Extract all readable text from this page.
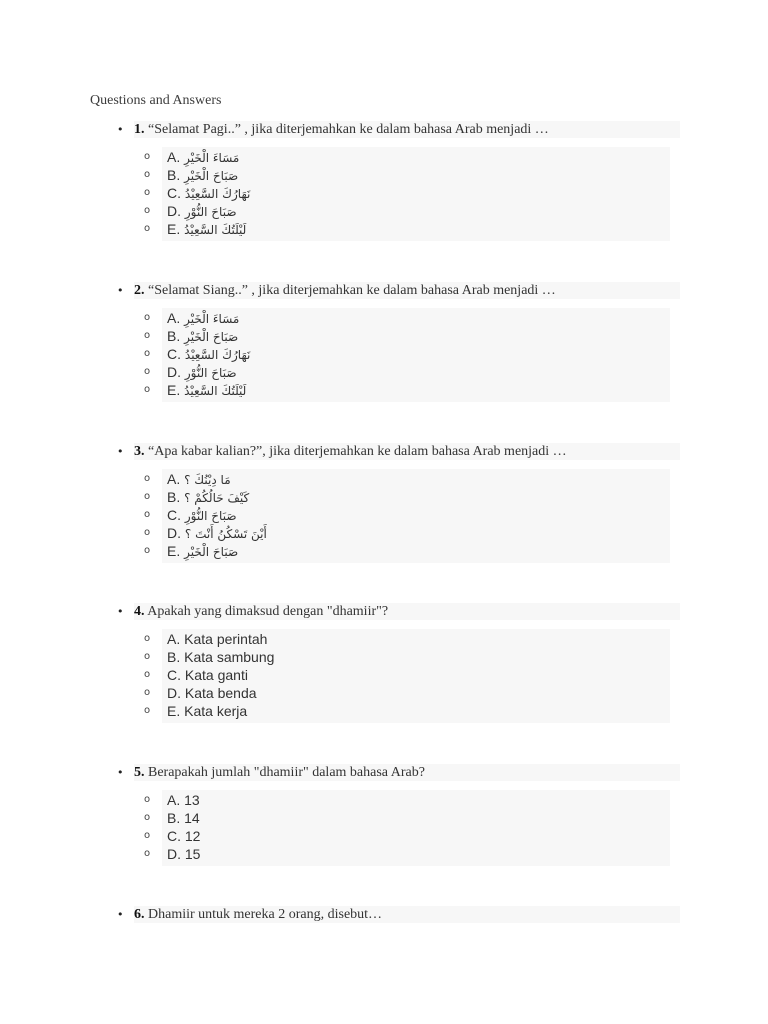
Questions and Answers
• 1. “Selamat Pagi..” , jika diterjemahkan ke dalam bahasa Arab menjadi …
o A. مَسَاءَ الْخَيْرِ
o B. صَبَاحَ الْخَيْرِ
o C. نَهَارُكَ السَّعِيْدُ
o D. صَبَاحَ النُّوْرِ
o E. لَيْلَتُكَ السَّعِيْدُ
• 2. “Selamat Siang..” , jika diterjemahkan ke dalam bahasa Arab menjadi …
o A. مَسَاءَ الْخَيْرِ
o B. صَبَاحَ الْخَيْرِ
o C. نَهَارُكَ السَّعِيْدُ
o D. صَبَاحَ النُّوْرِ
o E. لَيْلَتُكَ السَّعِيْدُ
• 3. “Apa kabar kalian?”, jika diterjemahkan ke dalam bahasa Arab menjadi …
o A. مَا دِيْنُكَ ؟
o B. كَيْفَ حَالُكُمْ ؟
o C. صَبَاحَ النُّوْرِ
o D. أَيْنَ تَسْكُنُ أَنْتَ ؟
o E. صَبَاحَ الْخَيْرِ
• 4. Apakah yang dimaksud dengan "dhamiir"?
o A. Kata perintah
o B. Kata sambung
o C. Kata ganti
o D. Kata benda
o E. Kata kerja
• 5. Berapakah jumlah "dhamiir" dalam bahasa Arab?
o A. 13
o B. 14
o C. 12
o D. 15
• 6. Dhamiir untuk mereka 2 orang, disebut…
